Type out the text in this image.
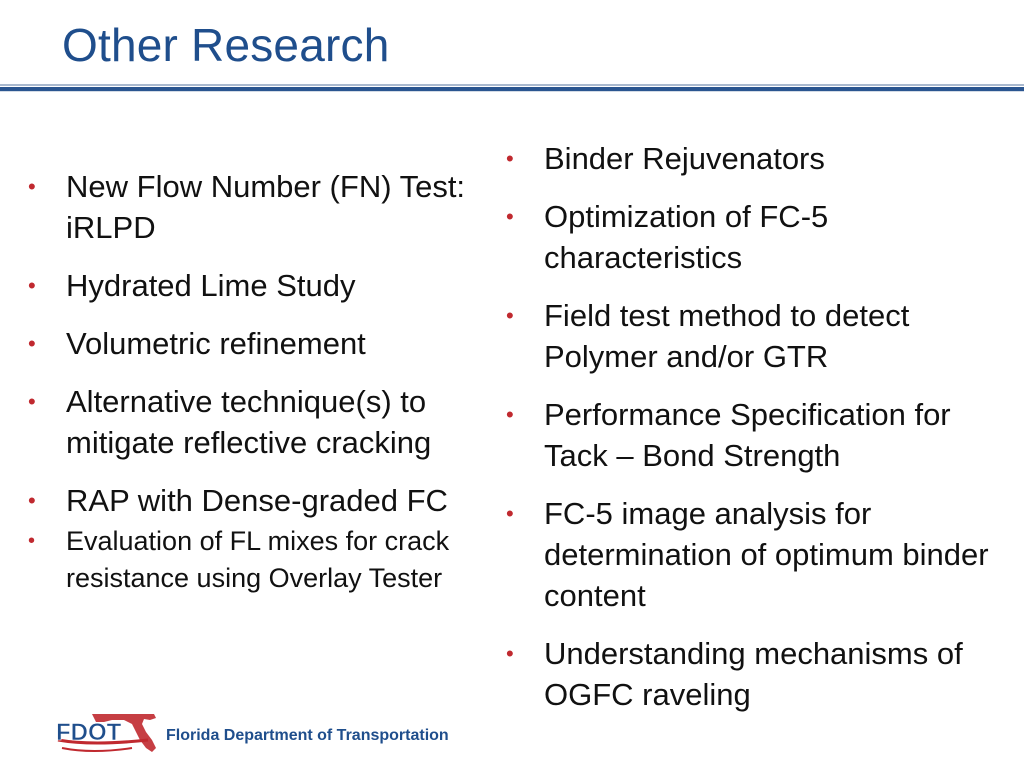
Other Research
• New Flow Number (FN) Test: iRLPD
• Hydrated Lime Study
• Volumetric refinement
• Alternative technique(s) to mitigate reflective cracking
• RAP with Dense-graded FC
• Evaluation of FL mixes for crack resistance using Overlay Tester
• Binder Rejuvenators
• Optimization of FC-5 characteristics
• Field test method to detect Polymer and/or GTR
• Performance Specification for Tack – Bond Strength
• FC-5 image analysis for determination of optimum binder content
• Understanding mechanisms of OGFC raveling
FDOT	Florida Department of Transportation
